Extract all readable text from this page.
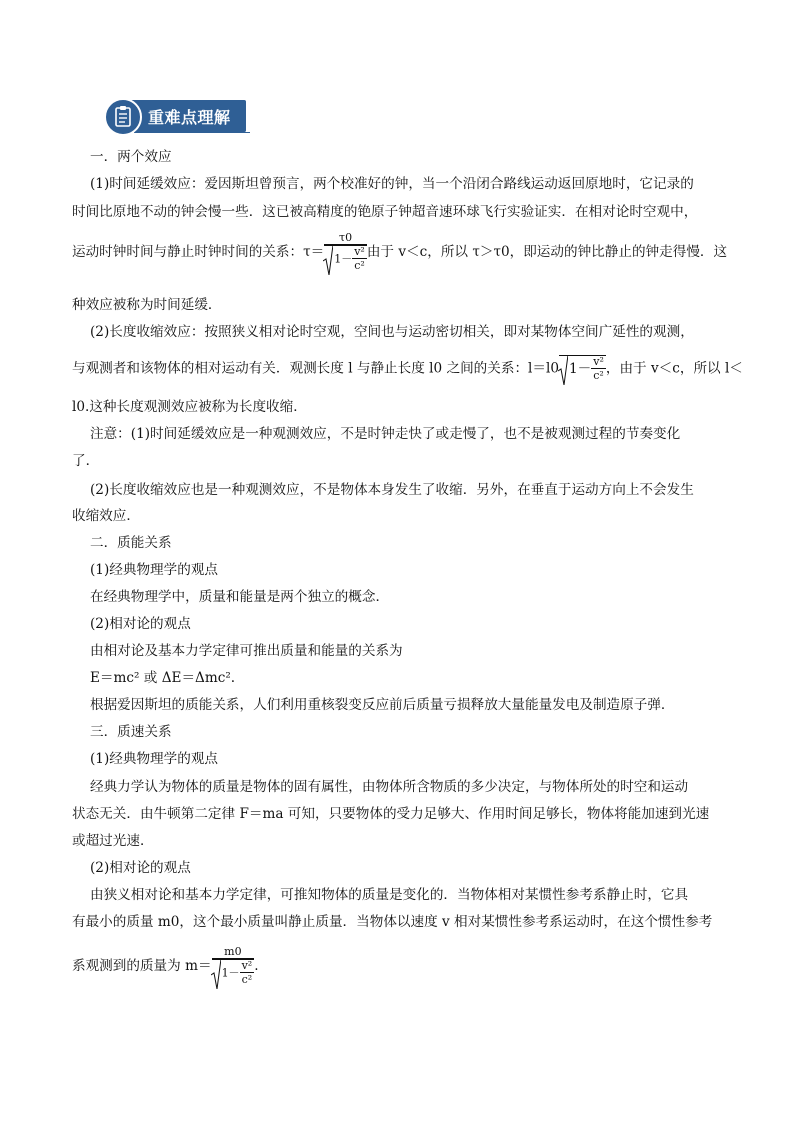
重难点理解
一．两个效应
(1)时间延缓效应：爱因斯坦曾预言，两个校准好的钟，当一个沿闭合路线运动返回原地时，它记录的
时间比原地不动的钟会慢一些．这已被高精度的铯原子钟超音速环球飞行实验证实．在相对论时空观中，
运动时钟时间与静止时钟时间的关系：$\tau= \frac{\tau 0}{1- \frac{\text{v²}}{\text{c²}}}$ 由于 v＜c，所以 τ＞τ0，即运动的钟比静止的钟走得慢．这
种效应被称为时间延缓．
(2)长度收缩效应：按照狭义相对论时空观，空间也与运动密切相关，即对某物体空间广延性的观测，
与观测者和该物体的相对运动有关．观测长度 l 与静止长度 l0 之间的关系：l＝l0 $1- \frac{\text{v²}}{\text{c²}}$ ，由于 v＜c，所以 l＜
l0.这种长度观测效应被称为长度收缩．
注意：(1)时间延缓效应是一种观测效应，不是时钟走快了或走慢了，也不是被观测过程的节奏变化
了．
(2)长度收缩效应也是一种观测效应，不是物体本身发生了收缩．另外，在垂直于运动方向上不会发生
收缩效应．
二．质能关系
(1)经典物理学的观点
在经典物理学中，质量和能量是两个独立的概念．
(2)相对论的观点
由相对论及基本力学定律可推出质量和能量的关系为
E＝mc² 或 ΔE＝Δmc².
根据爱因斯坦的质能关系，人们利用重核裂变反应前后质量亏损释放大量能量发电及制造原子弹．
三．质速关系
(1)经典物理学的观点
经典力学认为物体的质量是物体的固有属性，由物体所含物质的多少决定，与物体所处的时空和运动
状态无关．由牛顿第二定律 F＝ma 可知，只要物体的受力足够大、作用时间足够长，物体将能加速到光速
或超过光速．
(2)相对论的观点
由狭义相对论和基本力学定律，可推知物体的质量是变化的．当物体相对某惯性参考系静止时，它具
有最小的质量 m0，这个最小质量叫静止质量．当物体以速度 v 相对某惯性参考系运动时，在这个惯性参考
系观测到的质量为 $m= \frac{m0}{1- \frac{\text{v²}}{\text{c²}}}$ .
